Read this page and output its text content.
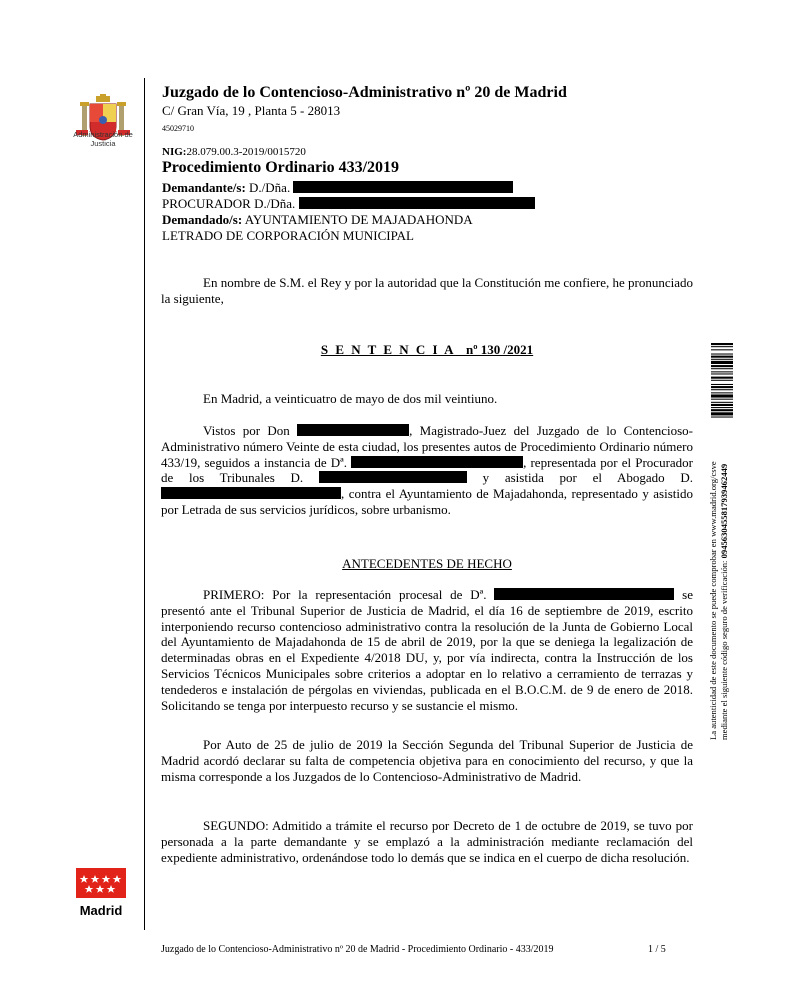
Administración de Justicia
Juzgado de lo Contencioso-Administrativo nº 20 de Madrid
C/ Gran Vía, 19 , Planta 5 - 28013
45029710
NIG:28.079.00.3-2019/0015720
Procedimiento Ordinario 433/2019
Demandante/s: D./Dña.
PROCURADOR D./Dña.
Demandado/s: AYUNTAMIENTO DE MAJADAHONDA
LETRADO DE CORPORACIÓN MUNICIPAL
En nombre de S.M. el Rey y por la autoridad que la Constitución me confiere, he pronunciado la siguiente,
S E N T E N C I A nº 130 /2021
En Madrid, a veinticuatro de mayo de dos mil veintiuno.
Vistos por Don	, Magistrado-Juez del Juzgado de lo Contencioso-Administrativo número Veinte de esta ciudad, los presentes autos de Procedimiento Ordinario número 433/19, seguidos a instancia de Dª.	, representada por el Procurador de los Tribunales D.	y asistida por el Abogado D. , contra el Ayuntamiento de Majadahonda, representado y asistido por Letrada de sus servicios jurídicos, sobre urbanismo.
ANTECEDENTES DE HECHO
PRIMERO: Por la representación procesal de Dª.	se presentó ante el Tribunal Superior de Justicia de Madrid, el día 16 de septiembre de 2019, escrito interponiendo recurso contencioso administrativo contra la resolución de la Junta de Gobierno Local del Ayuntamiento de Majadahonda de 15 de abril de 2019, por la que se deniega la legalización de determinadas obras en el Expediente 4/2018 DU, y, por vía indirecta, contra la Instrucción de los Servicios Técnicos Municipales sobre criterios a adoptar en lo relativo a cerramiento de terrazas y tendederos e instalación de pérgolas en viviendas, publicada en el B.O.C.M. de 9 de enero de 2018. Solicitando se tenga por interpuesto recurso y se sustancie el mismo.
Por Auto de 25 de julio de 2019 la Sección Segunda del Tribunal Superior de Justicia de Madrid acordó declarar su falta de competencia objetiva para en conocimiento del recurso, y que la misma corresponde a los Juzgados de lo Contencioso-Administrativo de Madrid.
SEGUNDO: Admitido a trámite el recurso por Decreto de 1 de octubre de 2019, se tuvo por personada a la parte demandante y se emplazó a la administración mediante reclamación del expediente administrativo, ordenándose todo lo demás que se indica en el cuerpo de dicha resolución.
La autenticidad de este documento se puede comprobar en www.madrid.org/csve mediante el siguiente código seguro de verificación: 0945630455817939462449
Madrid
Juzgado de lo Contencioso-Administrativo nº 20 de Madrid - Procedimiento Ordinario - 433/2019	1 / 5
